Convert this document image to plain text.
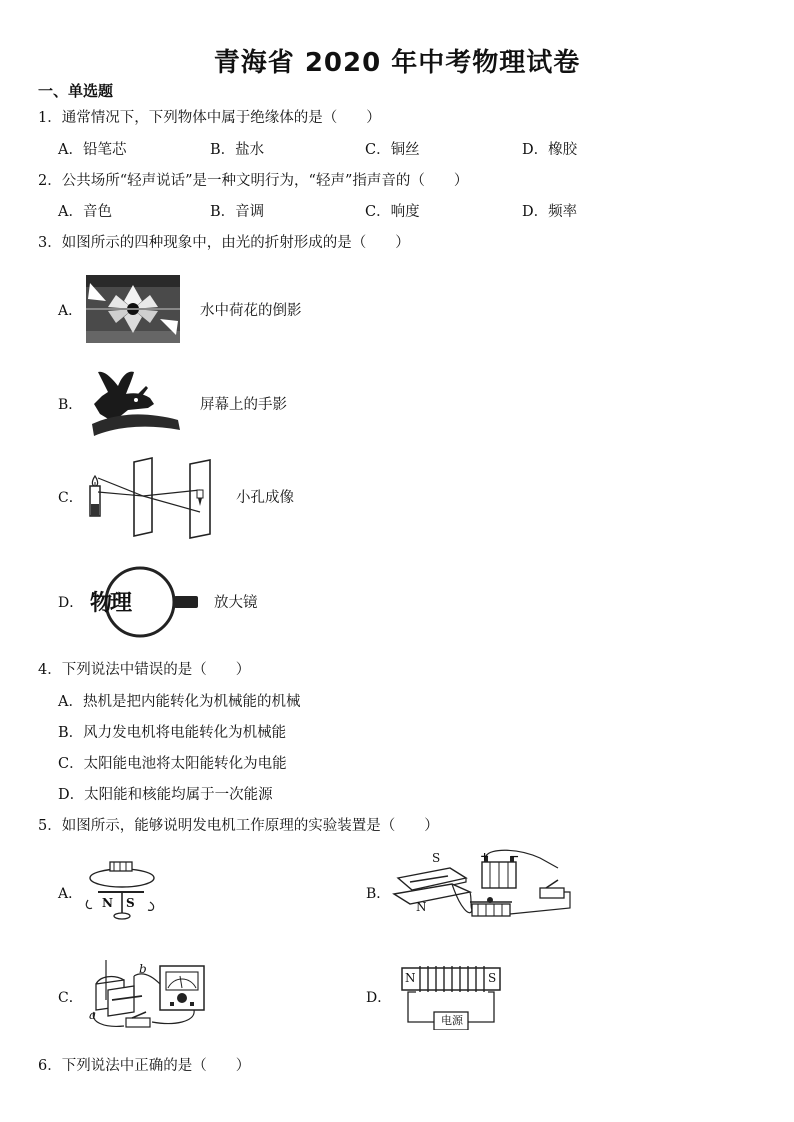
青海省 2020 年中考物理试卷
一、单选题
1．通常情况下，下列物体中属于绝缘体的是（　　）
A．铅笔芯	B．盐水	C．铜丝	D．橡胶
2．公共场所“轻声说话”是一种文明行为，“轻声”指声音的（　　）
A．音色	B．音调	C．响度	D．频率
3．如图所示的四种现象中，由光的折射形成的是（　　）
A．	水中荷花的倒影
B．	屏幕上的手影
C．	小孔成像
D． 物理	放大镜
4．下列说法中错误的是（　　）
A．热机是把内能转化为机械能的机械
B．风力发电机将电能转化为机械能
C．太阳能电池将太阳能转化为电能
D．太阳能和核能均属于一次能源
5．如图所示，能够说明发电机工作原理的实验装置是（　　）
A．
N S
B．
S
N
+ −
C．
b
a
D．
N	S
电源
6．下列说法中正确的是（　　）
